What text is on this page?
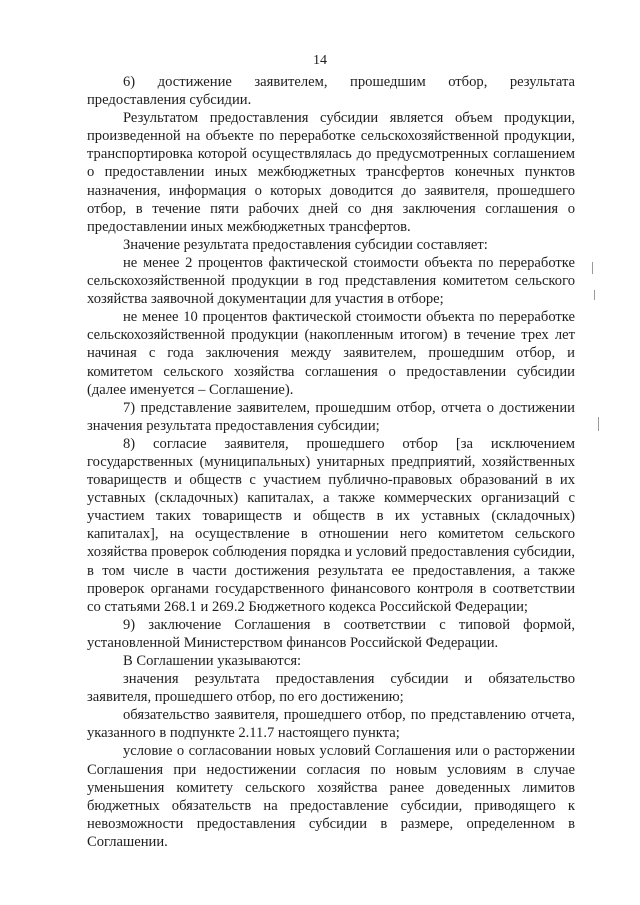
14

6) достижение заявителем, прошедшим отбор, результата предоставления субсидии.

Результатом предоставления субсидии является объем продукции, произведенной на объекте по переработке сельскохозяйственной продукции, транспортировка которой осуществлялась до предусмотренных соглашением о предоставлении иных межбюджетных трансфертов конечных пунктов назначения, информация о которых доводится до заявителя, прошедшего отбор, в течение пяти рабочих дней со дня заключения соглашения о предоставлении иных межбюджетных трансфертов.

Значение результата предоставления субсидии составляет:

не менее 2 процентов фактической стоимости объекта по переработке сельскохозяйственной продукции в год представления комитетом сельского хозяйства заявочной документации для участия в отборе;

не менее 10 процентов фактической стоимости объекта по переработке сельскохозяйственной продукции (накопленным итогом) в течение трех лет начиная с года заключения между заявителем, прошедшим отбор, и комитетом сельского хозяйства соглашения о предоставлении субсидии (далее именуется – Соглашение).

7) представление заявителем, прошедшим отбор, отчета о достижении значения результата предоставления субсидии;

8) согласие заявителя, прошедшего отбор [за исключением государственных (муниципальных) унитарных предприятий, хозяйственных товариществ и обществ с участием публично-правовых образований в их уставных (складочных) капиталах, а также коммерческих организаций с участием таких товариществ и обществ в их уставных (складочных) капиталах], на осуществление в отношении него комитетом сельского хозяйства проверок соблюдения порядка и условий предоставления субсидии, в том числе в части достижения результата ее предоставления, а также проверок органами государственного финансового контроля в соответствии со статьями 268.1 и 269.2 Бюджетного кодекса Российской Федерации;

9) заключение Соглашения в соответствии с типовой формой, установленной Министерством финансов Российской Федерации.

В Соглашении указываются:

значения результата предоставления субсидии и обязательство заявителя, прошедшего отбор, по его достижению;

обязательство заявителя, прошедшего отбор, по представлению отчета, указанного в подпункте 2.11.7 настоящего пункта;

условие о согласовании новых условий Соглашения или о расторжении Соглашения при недостижении согласия по новым условиям в случае уменьшения комитету сельского хозяйства ранее доведенных лимитов бюджетных обязательств на предоставление субсидии, приводящего к невозможности предоставления субсидии в размере, определенном в Соглашении.
